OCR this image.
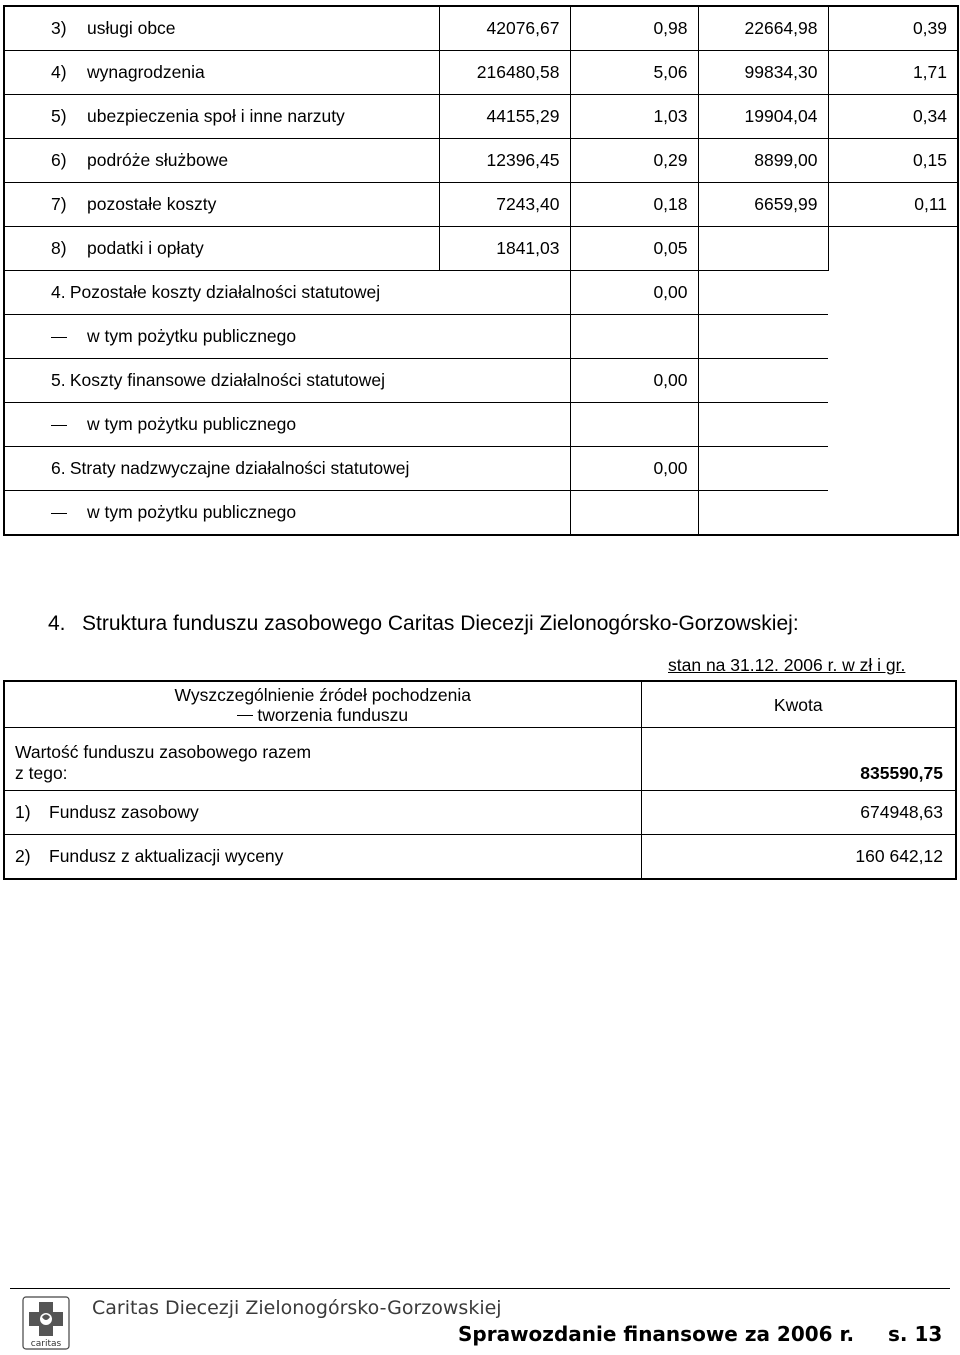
3) usługi obce	42076,67	0,98	22664,98	0,39
4) wynagrodzenia	216480,58	5,06	99834,30	1,71
5) ubezpieczenia społ i inne narzuty	44155,29	1,03	19904,04	0,34
6) podróże służbowe	12396,45	0,29	8899,00	0,15
7) pozostałe koszty	7243,40	0,18	6659,99	0,11
8) podatki i opłaty	1841,03	0,05		
4. Pozostałe koszty działalności statutowej		0,00		
w tym pożytku publicznego				
5. Koszty finansowe działalności statutowej		0,00		
w tym pożytku publicznego				
6. Straty nadzwyczajne działalności statutowej		0,00		
w tym pożytku publicznego				
4. Struktura funduszu zasobowego Caritas Diecezji Zielonogórsko-Gorzowskiej:
stan na 31.12. 2006 r. w zł i gr.
Wyszczególnienie źródeł pochodzenia
tworzenia funduszu	Kwota
Wartość funduszu zasobowego razem
z tego:	835590,75
1) Fundusz zasobowy	674948,63
2) Fundusz z aktualizacji wyceny	160 642,12
caritas
Caritas Diecezji Zielonogórsko-Gorzowskiej
Sprawozdanie finansowe za 2006 r. s. 13
